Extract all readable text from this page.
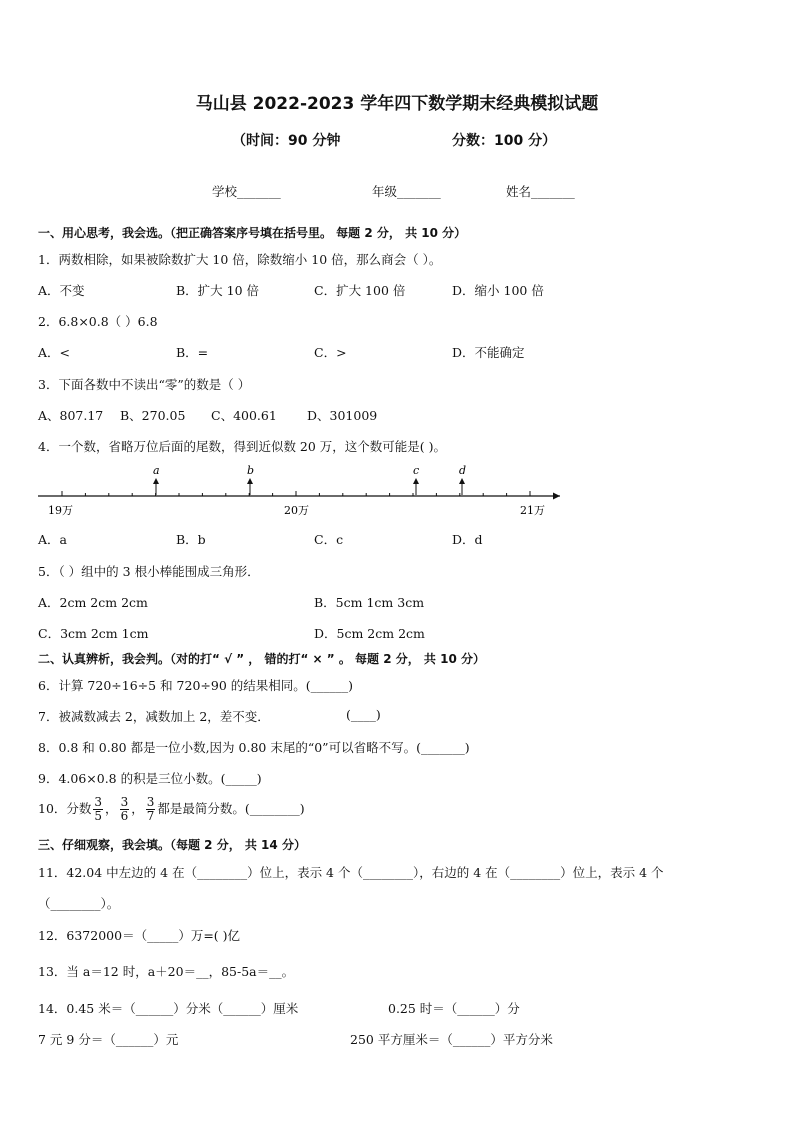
马山县 2022-2023 学年四下数学期末经典模拟试题
（时间：90 分钟	分数：100 分）
学校_______	年级_______	姓名_______
一、用心思考，我会选。（把正确答案序号填在括号里。 每题 2 分， 共 10 分）
1．两数相除，如果被除数扩大 10 倍，除数缩小 10 倍，那么商会（ ）。
A．不变	B．扩大 10 倍	C．扩大 100 倍	D．缩小 100 倍
2．6.8×0.8（ ）6.8
A．<	B．=	C．>	D．不能确定
3．下面各数中不读出“零”的数是（ ）
A、807.17 B、270.05 C、400.61 D、301009
4．一个数，省略万位后面的尾数，得到近似数 20 万，这个数可能是( )。
a	b	c	d
19万	20万	21万
A．a	B．b	C．c	D．d
5．（ ）组中的 3 根小棒能围成三角形．
A．2cm 2cm 2cm	B．5cm 1cm 3cm
C．3cm 2cm 1cm	D．5cm 2cm 2cm
二、认真辨析，我会判。（对的打“ √ ” ， 错的打“ × ” 。 每题 2 分， 共 10 分）
6．计算 720÷16÷5 和 720÷90 的结果相同。(______)
7．被减数减去 2，减数加上 2，差不变．	(____)
8．0.8 和 0.80 都是一位小数,因为 0.80 末尾的“0”可以省略不写。(_______)
9．4.06×0.8 的积是三位小数。(_____)
10．分数 $\frac{3}{5}$ ， $\frac{3}{6}$ ， $\frac{3}{7}$ 都是最简分数。(________)
三、仔细观察，我会填。（每题 2 分， 共 14 分）
11．42.04 中左边的 4 在（________）位上，表示 4 个（________），右边的 4 在（________）位上，表示 4 个
（________）。
12．6372000＝（_____）万=( )亿
13．当 a＝12 时，a＋20＝__，85-5a＝__。
14．0.45 米＝（______）分米（______）厘米	0.25 时＝（______）分
7 元 9 分＝（______）元	250 平方厘米＝（______）平方分米
